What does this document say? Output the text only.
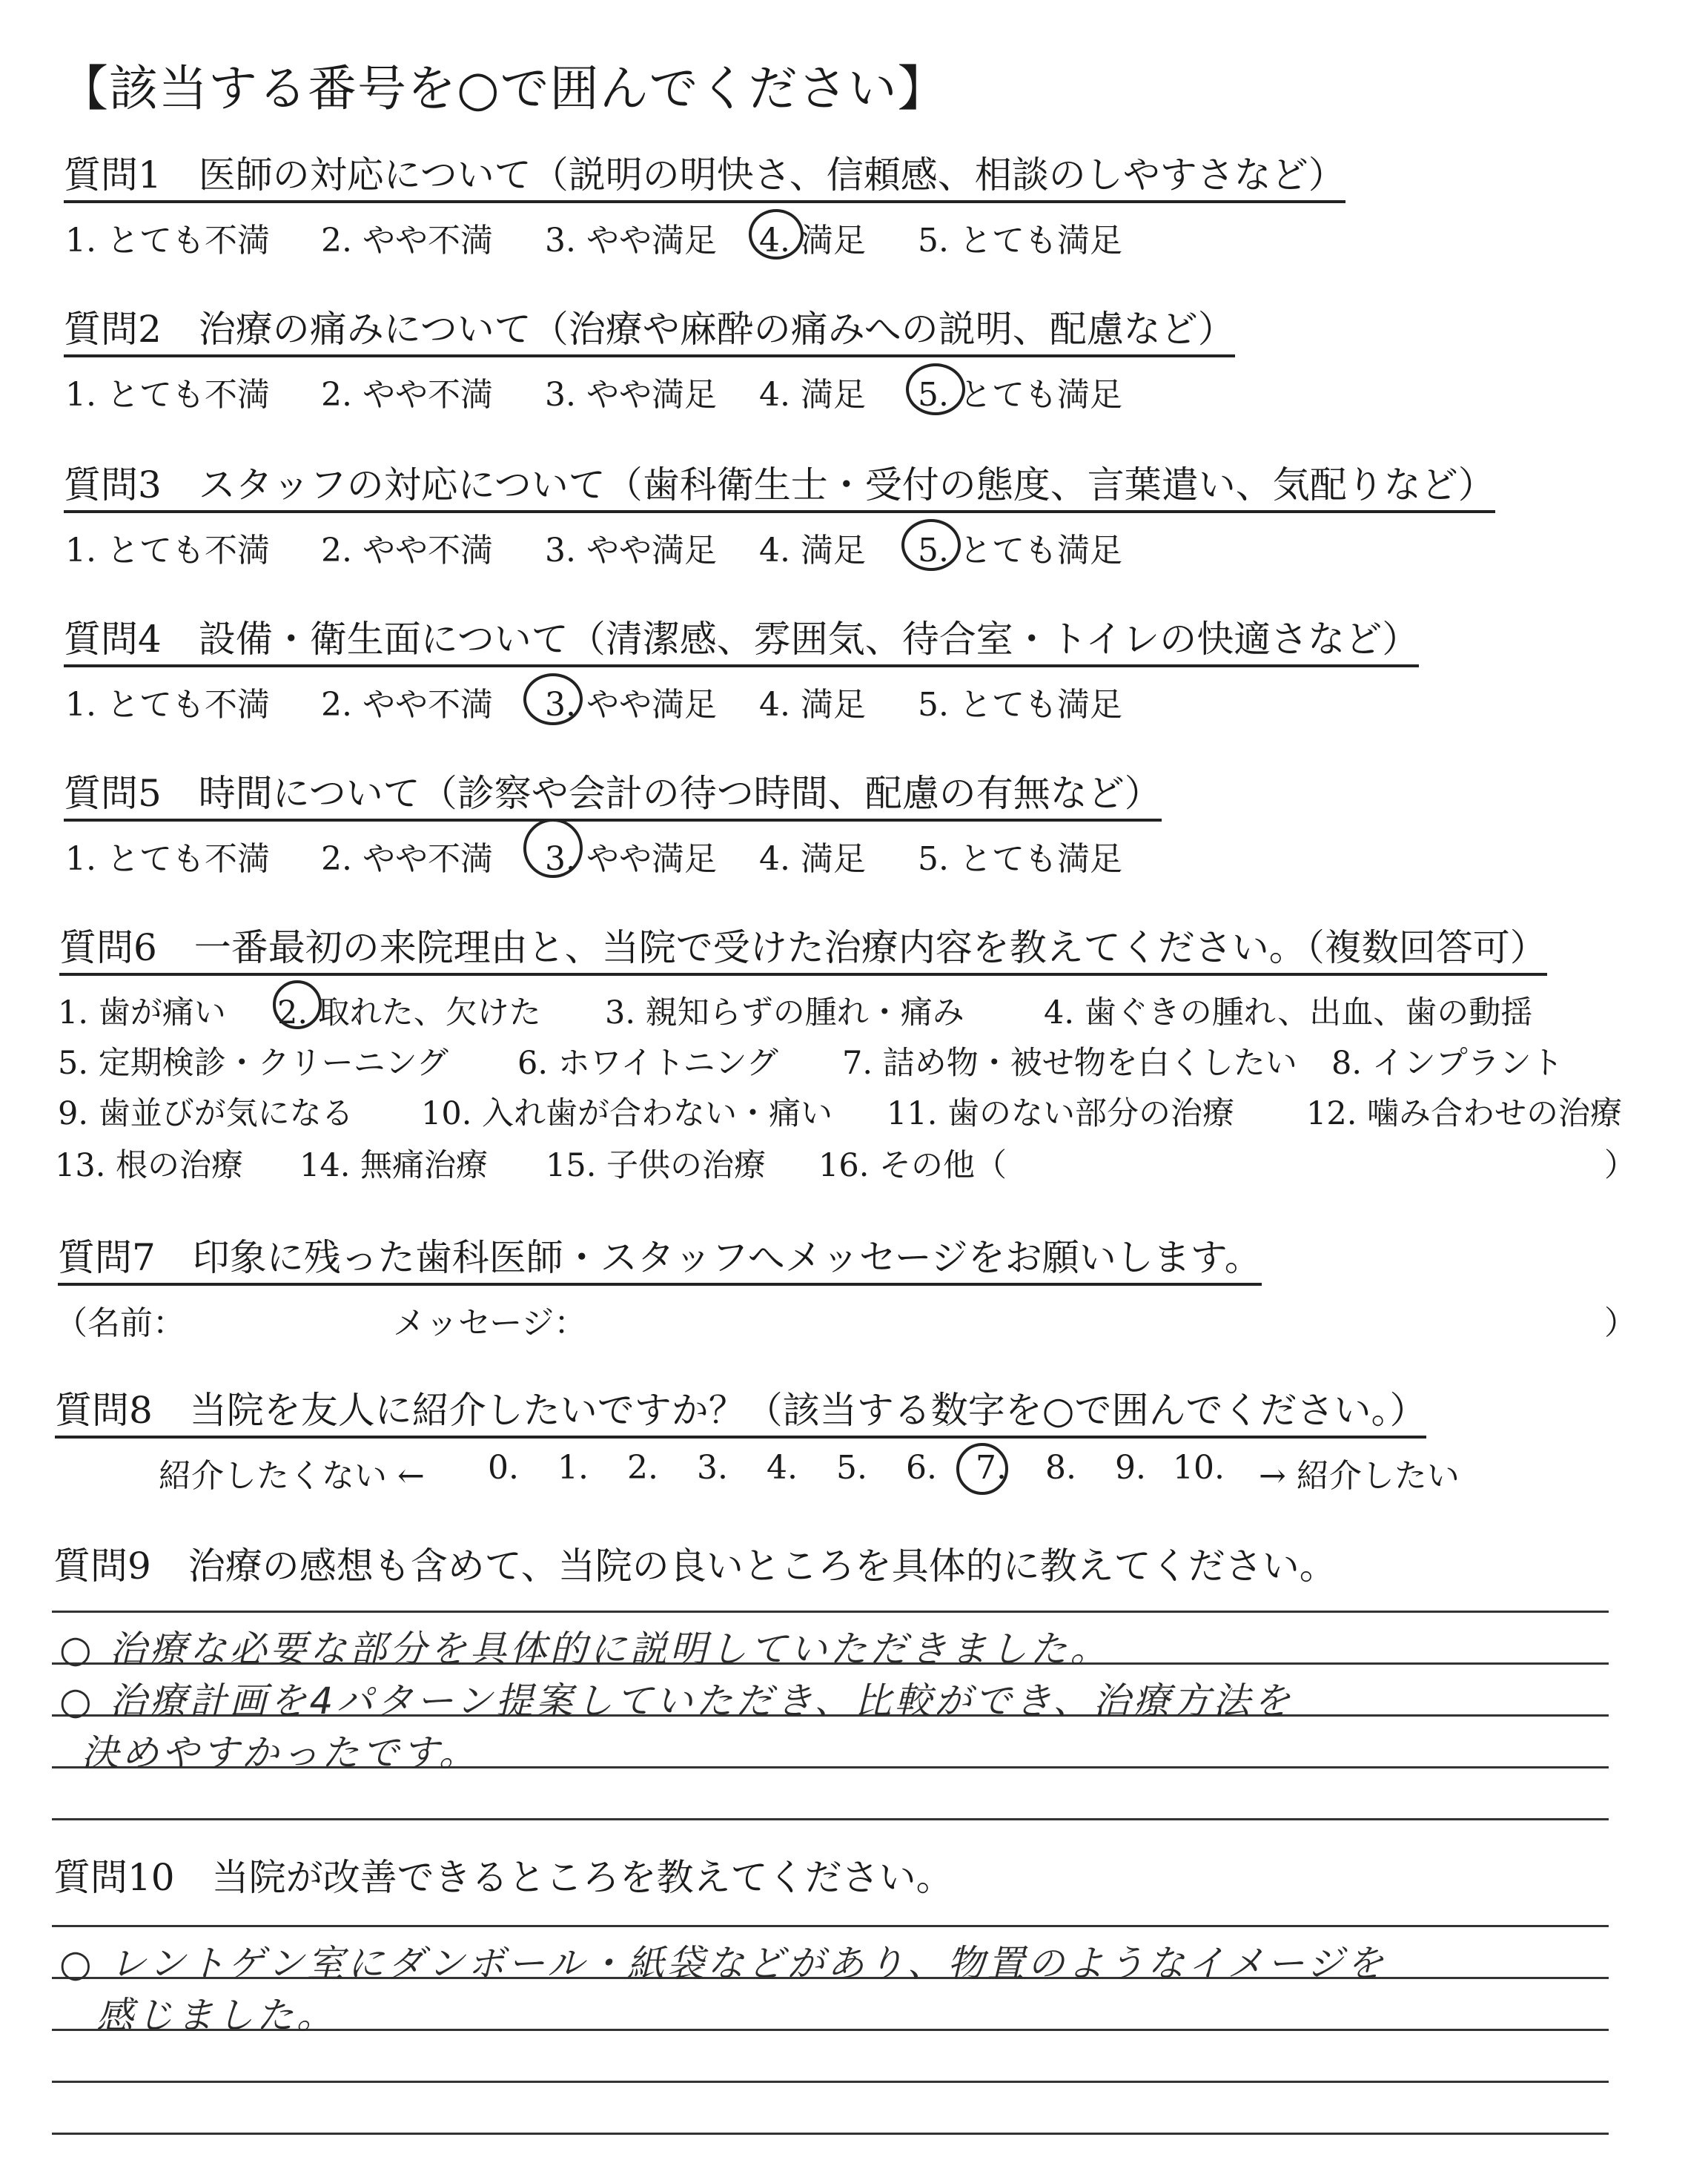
【該当する番号を○で囲んでください】
質問1　医師の対応について（説明の明快さ、信頼感、相談のしやすさなど）
1. とても不満 2. やや不満 3. やや満足 4. 満足 5. とても満足
質問2　治療の痛みについて（治療や麻酔の痛みへの説明、配慮など）
1. とても不満 2. やや不満 3. やや満足 4. 満足 5. とても満足
質問3　スタッフの対応について（歯科衛生士・受付の態度、言葉遣い、気配りなど）
1. とても不満 2. やや不満 3. やや満足 4. 満足 5. とても満足
質問4　設備・衛生面について（清潔感、雰囲気、待合室・トイレの快適さなど）
1. とても不満 2. やや不満 3. やや満足 4. 満足 5. とても満足
質問5　時間について（診察や会計の待つ時間、配慮の有無など）
1. とても不満 2. やや不満 3. やや満足 4. 満足 5. とても満足
質問6　一番最初の来院理由と、当院で受けた治療内容を教えてください。（複数回答可）
1. 歯が痛い 2. 取れた、欠けた 3. 親知らずの腫れ・痛み 4. 歯ぐきの腫れ、出血、歯の動揺
5. 定期検診・クリーニング 6. ホワイトニング 7. 詰め物・被せ物を白くしたい 8. インプラント
9. 歯並びが気になる 10. 入れ歯が合わない・痛い 11. 歯のない部分の治療 12. 噛み合わせの治療
13. 根の治療 14. 無痛治療 15. 子供の治療 16. その他（	）
質問7　印象に残った歯科医師・スタッフへメッセージをお願いします。
（名前：	メッセージ：	）
質問8　当院を友人に紹介したいですか？（該当する数字を○で囲んでください。）
紹介したくない ← 0. 1. 2. 3. 4. 5. 6. 7. 8. 9. 10. → 紹介したい
質問9　治療の感想も含めて、当院の良いところを具体的に教えてください。
○ 治療な必要な部分を具体的に説明していただきました。
○ 治療計画を4パターン提案していただき、比較ができ、治療方法を
決めやすかったです。
質問10　当院が改善できるところを教えてください。
○ レントゲン室にダンボール・紙袋などがあり、物置のようなイメージを
感じました。
